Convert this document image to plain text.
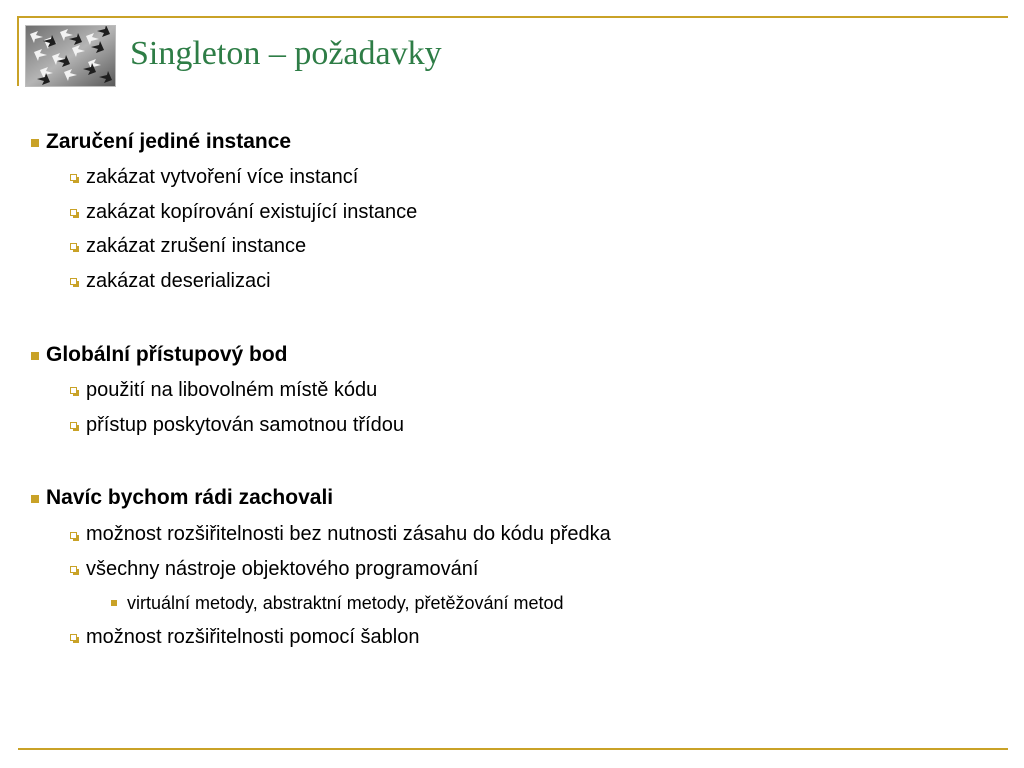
Singleton – požadavky
Zaručení jediné instance
zakázat vytvoření více instancí
zakázat kopírování existující instance
zakázat zrušení instance
zakázat deserializaci
Globální přístupový bod
použití na libovolném místě kódu
přístup poskytován samotnou třídou
Navíc bychom rádi zachovali
možnost rozšiřitelnosti bez nutnosti zásahu do kódu předka
všechny nástroje objektového programování
virtuální metody, abstraktní metody, přetěžování metod
možnost rozšiřitelnosti pomocí šablon
